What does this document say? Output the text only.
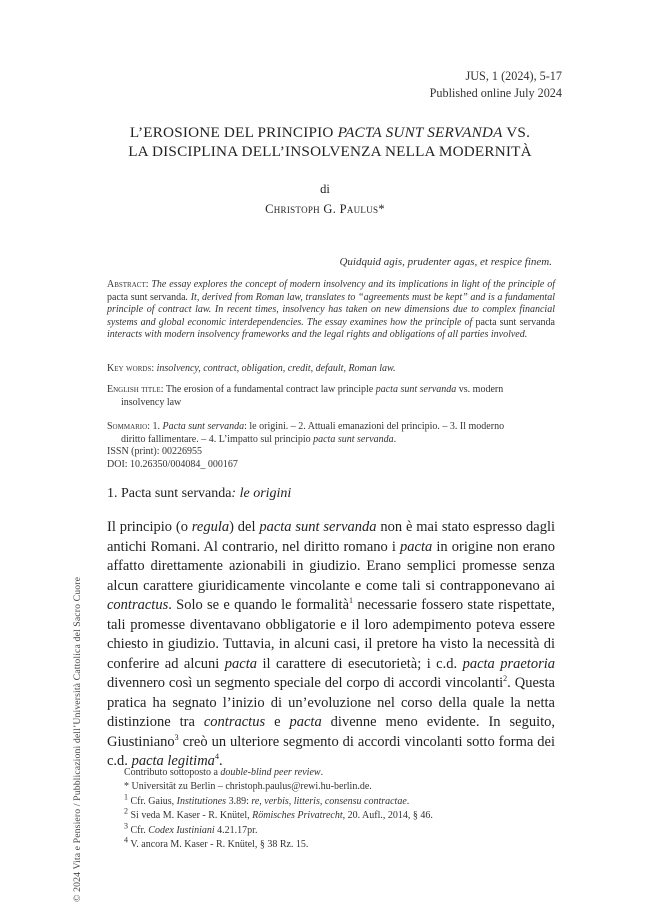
JUS, 1 (2024), 5-17
Published online July 2024
L’EROSIONE DEL PRINCIPIO PACTA SUNT SERVANDA VS.
LA DISCIPLINA DELL’INSOLVENZA NELLA MODERNITÀ
di
Christoph G. Paulus*
Quidquid agis, prudenter agas, et respice finem.
Abstract: The essay explores the concept of modern insolvency and its implications in light of the principle of pacta sunt servanda. It, derived from Roman law, translates to “agreements must be kept” and is a fundamental principle of contract law. In recent times, insolvency has taken on new dimensions due to complex financial systems and global economic interdependencies. The essay examines how the principle of pacta sunt servanda interacts with modern insolvency frameworks and the legal rights and obligations of all parties involved.
Key words: insolvency, contract, obligation, credit, default, Roman law.
English title: The erosion of a fundamental contract law principle pacta sunt servanda vs. modern
insolvency law
Sommario: 1. Pacta sunt servanda: le origini. – 2. Attuali emanazioni del principio. – 3. Il moderno
diritto fallimentare. – 4. L’impatto sul principio pacta sunt servanda.
ISSN (print): 00226955
DOI: 10.26350/004084_ 000167
1. Pacta sunt servanda: le origini
Il principio (o regula) del pacta sunt servanda non è mai stato espresso dagli antichi Romani. Al contrario, nel diritto romano i pacta in origine non erano affatto direttamente azionabili in giudizio. Erano semplici promesse senza alcun carattere giuridicamente vincolante e come tali si contrapponevano ai contractus. Solo se e quando le formalità$^1$ necessarie fossero state rispettate, tali promesse diventavano obbligatorie e il loro adempimento poteva essere chiesto in giudizio. Tuttavia, in alcuni casi, il pretore ha visto la necessità di conferire ad alcuni pacta il carattere di esecutorietà; i c.d. pacta praetoria divennero così un segmento speciale del corpo di accordi vincolanti$^2$. Questa pratica ha segnato l’inizio di un’evoluzione nel corso della quale la netta distinzione tra contractus e pacta divenne meno evidente. In seguito, Giustiniano$^3$ creò un ulteriore segmento di accordi vincolanti sotto forma dei c.d. pacta legitima$^4$.
Contributo sottoposto a double-blind peer review.
* Universität zu Berlin – christoph.paulus@rewi.hu-berlin.de.
$^1$ Cfr. Gaius, Institutiones 3.89: re, verbis, litteris, consensu contractae.
$^2$ Si veda M. Kaser - R. Knütel, Römisches Privatrecht, 20. Aufl., 2014, § 46.
$^3$ Cfr. Codex Iustiniani 4.21.17pr.
$^4$ V. ancora M. Kaser - R. Knütel, § 38 Rz. 15.
© 2024 Vita e Pensiero / Pubblicazioni dell’Università Cattolica del Sacro Cuore
